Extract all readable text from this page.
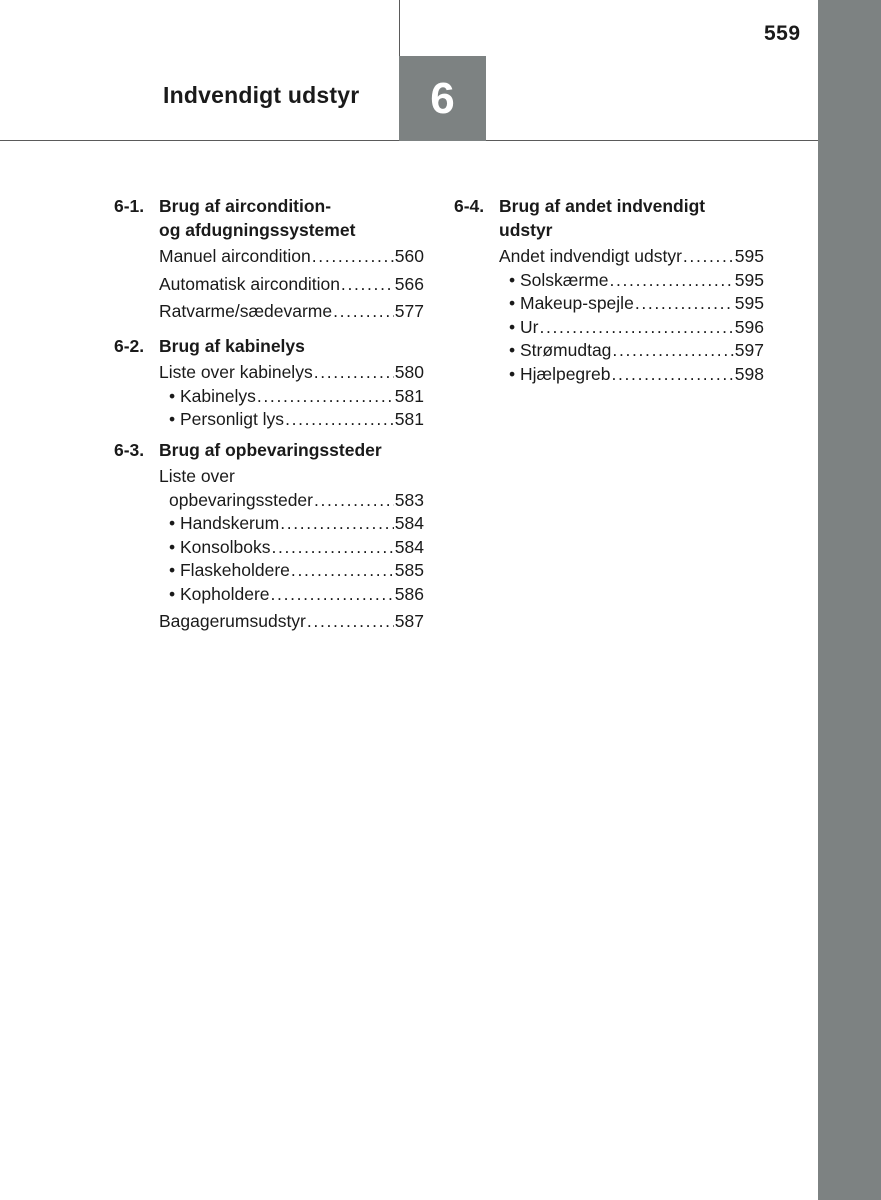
559
Indvendigt udstyr 6
6-1. Brug af aircondition-
og afdugningssystemet
Manuel aircondition . . .	560
Automatisk aircondition . . .	566
Ratvarme/sædevarme . . .	577
6-2. Brug af kabinelys
Liste over kabinelys . . .	580
• Kabinelys . . .	581
• Personligt lys . . .	581
6-3. Brug af opbevaringssteder
Liste over
opbevaringssteder . . .	583
• Handskerum . . .	584
• Konsolboks . . .	584
• Flaskeholdere . . .	585
• Kopholdere . . .	586
Bagagerumsudstyr . . .	587
6-4. Brug af andet indvendigt
udstyr
Andet indvendigt udstyr . . .	595
• Solskærme . . .	595
• Makeup-spejle . . .	595
• Ur . . .	596
• Strømudtag . . .	597
• Hjælpegreb . . .	598
